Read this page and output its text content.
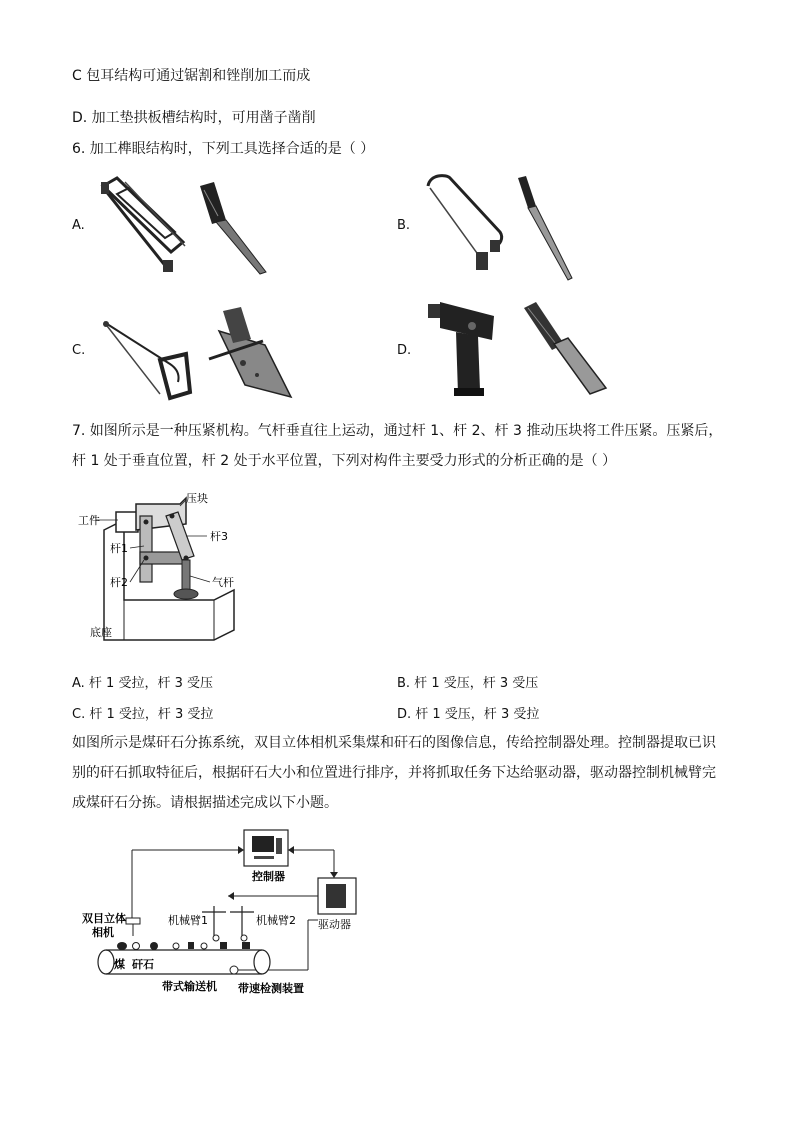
C 包耳结构可通过锯割和锉削加工而成
D. 加工垫拱板槽结构时，可用凿子凿削
6. 加工榫眼结构时，下列工具选择合适的是（ ）
A.	B.
C.	D.
7. 如图所示是一种压紧机构。气杆垂直往上运动，通过杆 1、杆 2、杆 3 推动压块将工件压紧。压紧后，
杆 1 处于垂直位置，杆 2 处于水平位置，下列对构件主要受力形式的分析正确的是（ ）
工件
压块
杆3
杆1
杆2	气杆
底座
A. 杆 1 受拉，杆 3 受压	B. 杆 1 受压，杆 3 受压
C. 杆 1 受拉，杆 3 受拉	D. 杆 1 受压，杆 3 受拉
如图所示是煤矸石分拣系统，双目立体相机采集煤和矸石的图像信息，传给控制器处理。控制器提取已识别的矸石抓取特征后，根据矸石大小和位置进行排序，并将抓取任务下达给驱动器，驱动器控制机械臂完成煤矸石分拣。请根据描述完成以下小题。
控制器
驱动器
双目立体
相机
机械臂1	机械臂2
煤 矸石
带式输送机 带速检测装置
